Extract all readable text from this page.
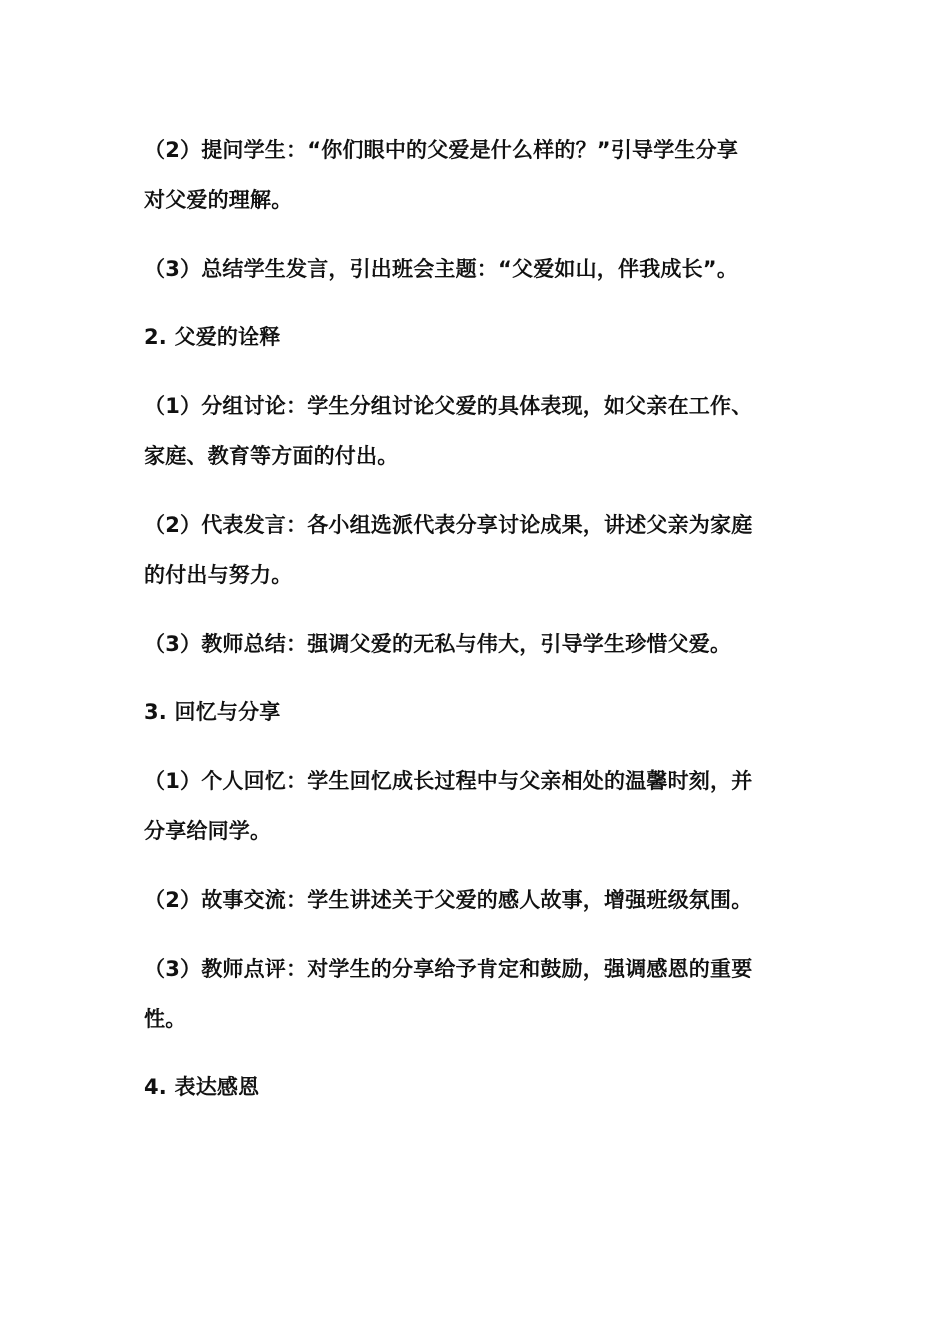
（2）提问学生：“你们眼中的父爱是什么样的？”引导学生分享
对父爱的理解。
（3）总结学生发言，引出班会主题：“父爱如山，伴我成长”。
2. 父爱的诠释
（1）分组讨论：学生分组讨论父爱的具体表现，如父亲在工作、
家庭、教育等方面的付出。
（2）代表发言：各小组选派代表分享讨论成果，讲述父亲为家庭
的付出与努力。
（3）教师总结：强调父爱的无私与伟大，引导学生珍惜父爱。
3. 回忆与分享
（1）个人回忆：学生回忆成长过程中与父亲相处的温馨时刻，并
分享给同学。
（2）故事交流：学生讲述关于父爱的感人故事，增强班级氛围。
（3）教师点评：对学生的分享给予肯定和鼓励，强调感恩的重要
性。
4. 表达感恩
